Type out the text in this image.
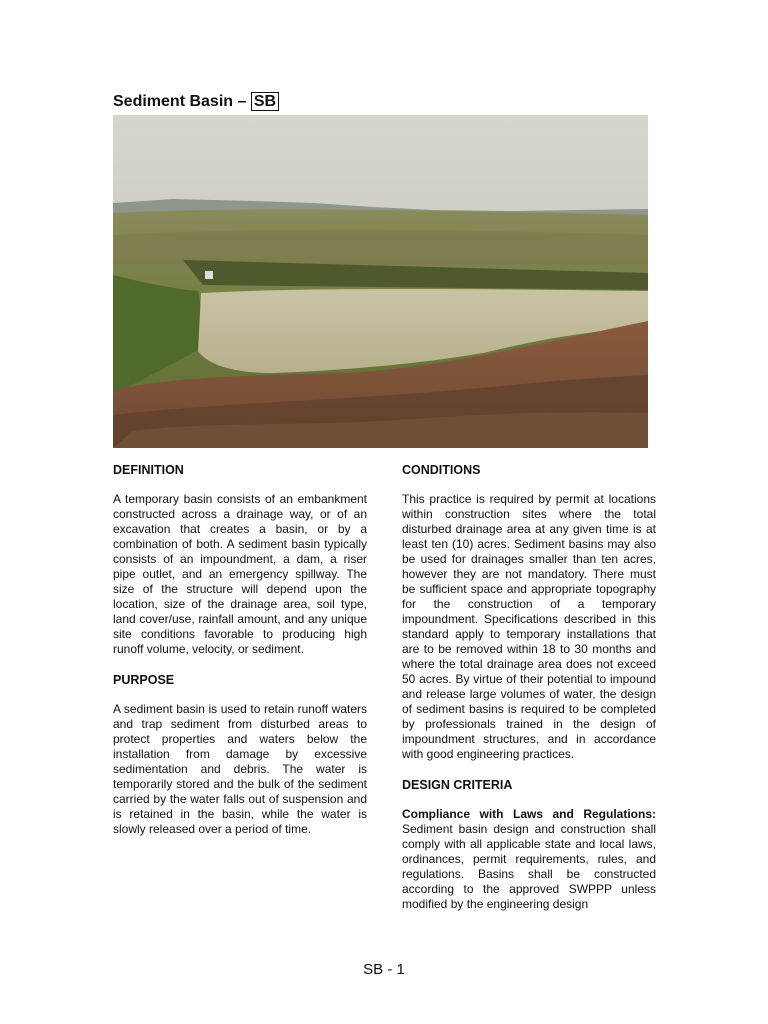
Sediment Basin – SB
DEFINITION

A temporary basin consists of an embankment constructed across a drainage way, or of an excavation that creates a basin, or by a combination of both. A sediment basin typically consists of an impoundment, a dam, a riser pipe outlet, and an emergency spillway. The size of the structure will depend upon the location, size of the drainage area, soil type, land cover/use, rainfall amount, and any unique site conditions favorable to producing high runoff volume, velocity, or sediment.

PURPOSE

A sediment basin is used to retain runoff waters and trap sediment from disturbed areas to protect properties and waters below the installation from damage by excessive sedimentation and debris. The water is temporarily stored and the bulk of the sediment carried by the water falls out of suspension and is retained in the basin, while the water is slowly released over a period of time.

CONDITIONS

This practice is required by permit at locations within construction sites where the total disturbed drainage area at any given time is at least ten (10) acres. Sediment basins may also be used for drainages smaller than ten acres, however they are not mandatory. There must be sufficient space and appropriate topography for the construction of a temporary impoundment. Specifications described in this standard apply to temporary installations that are to be removed within 18 to 30 months and where the total drainage area does not exceed 50 acres. By virtue of their potential to impound and release large volumes of water, the design of sediment basins is required to be completed by professionals trained in the design of impoundment structures, and in accordance with good engineering practices.

DESIGN CRITERIA

Compliance with Laws and Regulations: Sediment basin design and construction shall comply with all applicable state and local laws, ordinances, permit requirements, rules, and regulations. Basins shall be constructed according to the approved SWPPP unless modified by the engineering design

SB - 1
